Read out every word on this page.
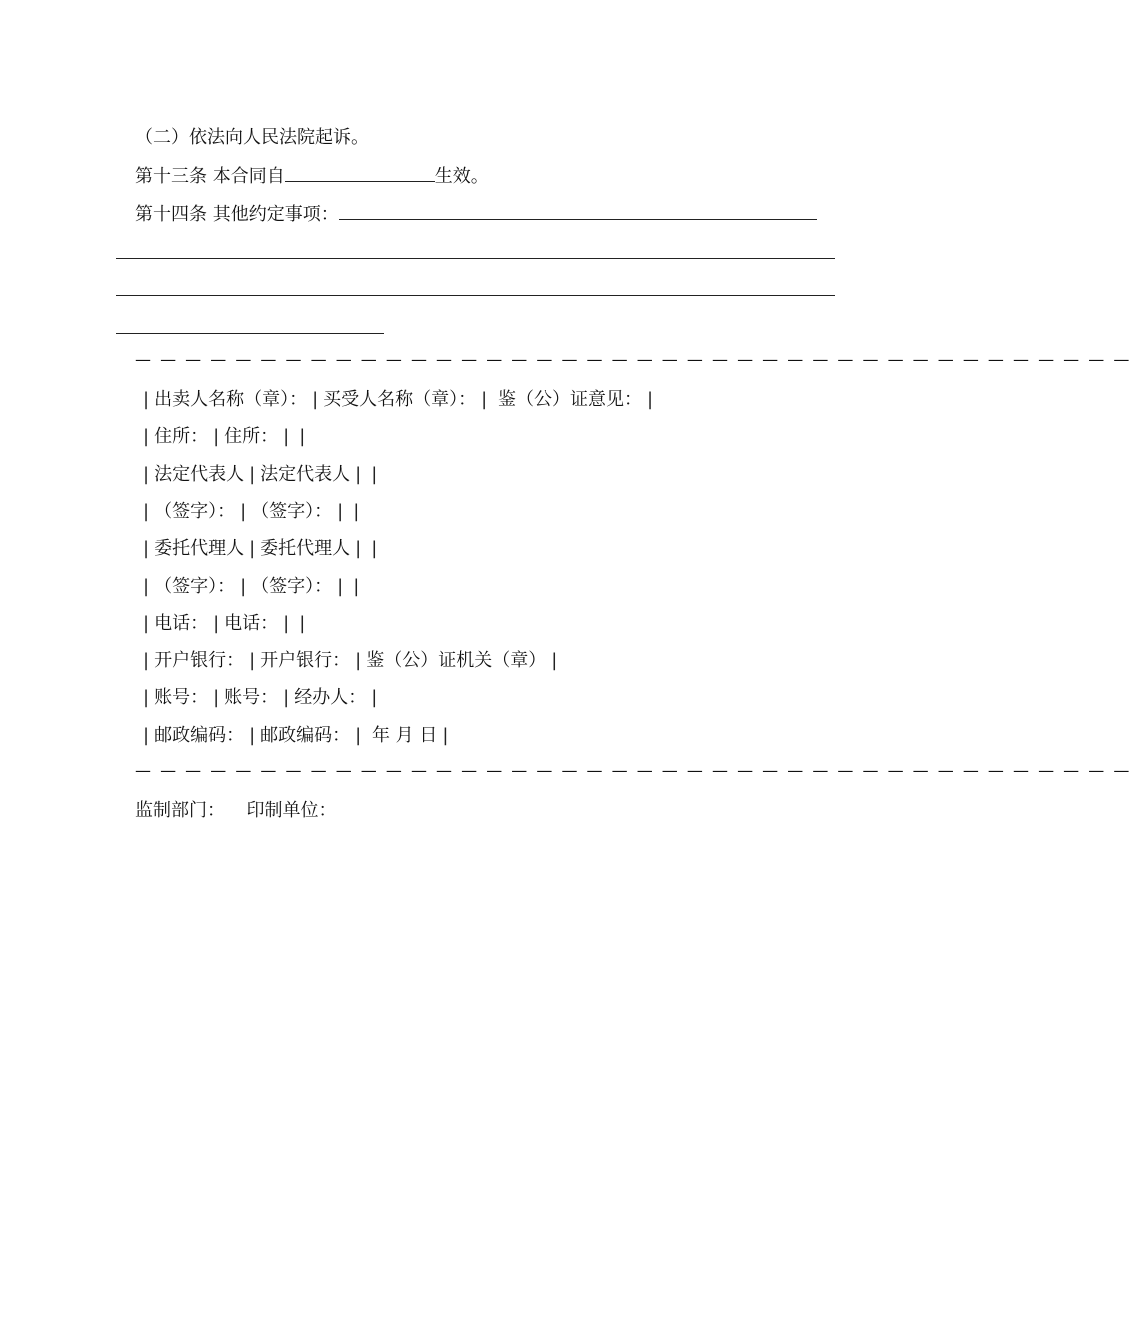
（二）依法向人民法院起诉。
第十三条 本合同自	生效。
第十四条 其他约定事项：
— — — — — — — — — — — — — — — — — — — — — — — — — — — — — — — — — — — — — — — —
| 出卖人名称（章）： | 买受人名称（章）： | 鉴（公）证意见： |
| 住所： | 住所： | |
| 法定代表人 | 法定代表人 | |
| （签字）： | （签字）： | |
| 委托代理人 | 委托代理人 | |
| （签字）： | （签字）： | |
| 电话： | 电话： | |
| 开户银行： | 开户银行： | 鉴（公）证机关（章） |
| 账号： | 账号： | 经办人： |
| 邮政编码： | 邮政编码： | 年 月 日 |
— — — — — — — — — — — — — — — — — — — — — — — — — — — — — — — — — — — — — — — —
监制部门： 印制单位：
